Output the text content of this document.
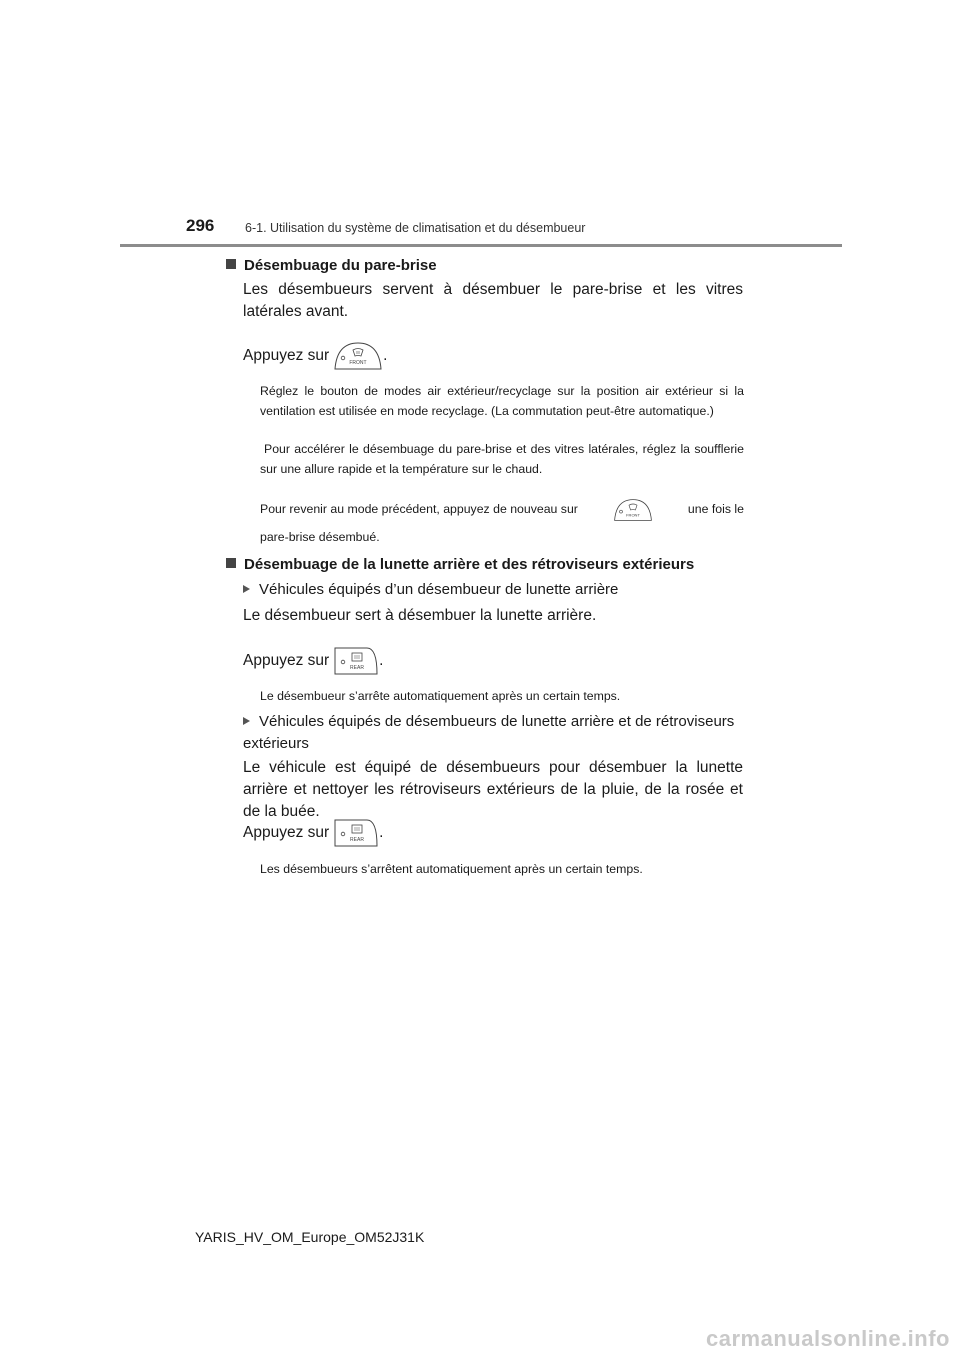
296 6-1. Utilisation du système de climatisation et du désembueur
Désembuage du pare-brise
Les désembueurs servent à désembuer le pare-brise et les vitres latérales avant.
Appuyez sur	FRONT .
Réglez le bouton de modes air extérieur/recyclage sur la position air extérieur si la ventilation est utilisée en mode recyclage. (La commutation peut-être automatique.)
Pour accélérer le désembuage du pare-brise et des vitres latérales, réglez la soufflerie sur une allure rapide et la température sur le chaud.
Pour revenir au mode précédent, appuyez de nouveau sur	FRONT	une fois le
pare-brise désembué.
Désembuage de la lunette arrière et des rétroviseurs extérieurs
Véhicules équipés d’un désembueur de lunette arrière
Le désembueur sert à désembuer la lunette arrière.
Appuyez sur	REAR .
Le désembueur s’arrête automatiquement après un certain temps.
Véhicules équipés de désembueurs de lunette arrière et de rétroviseurs extérieurs
Le véhicule est équipé de désembueurs pour désembuer la lunette arrière et nettoyer les rétroviseurs extérieurs de la pluie, de la rosée et de la buée.
Appuyez sur	REAR .
Les désembueurs s’arrêtent automatiquement après un certain temps.
YARIS_HV_OM_Europe_OM52J31K
carmanualsonline.info
